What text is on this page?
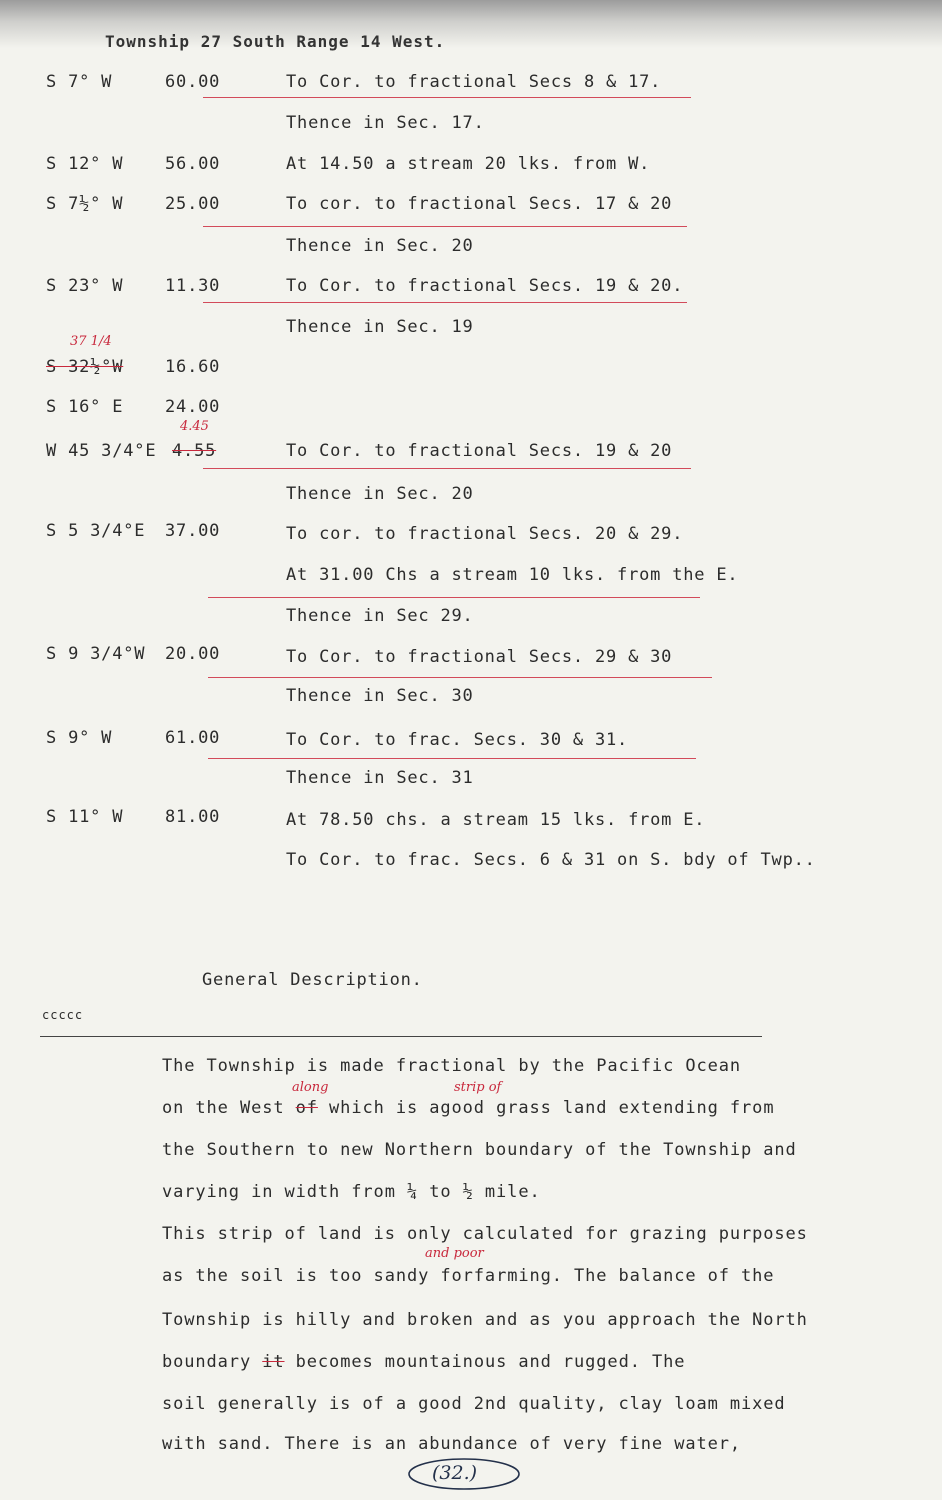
Township 27 South Range 14 West.
S 7° W	60.00	To Cor. to fractional Secs 8 & 17.
Thence in Sec. 17.
S 12° W 56.00	At 14.50 a stream 20 lks. from W.
S 7½° W 25.00	To cor. to fractional Secs. 17 & 20
Thence in Sec. 20
S 23° W 11.30	To Cor. to fractional Secs. 19 & 20.
Thence in Sec. 19
37 1/4
S 32½°W 16.60
S 16° E 24.00
4.45
W 45 3/4°E 4.55	To Cor. to fractional Secs. 19 & 20
Thence in Sec. 20
S 5 3/4°E 37.00	To cor. to fractional Secs. 20 & 29.
At 31.00 Chs a stream 10 lks. from the E.
Thence in Sec 29.
S 9 3/4°W 20.00	To Cor. to fractional Secs. 29 & 30
Thence in Sec. 30
S 9° W	61.00	To Cor. to frac. Secs. 30 & 31.
Thence in Sec. 31
S 11° W 81.00	At 78.50 chs. a stream 15 lks. from E.
To Cor. to frac. Secs. 6 & 31 on S. bdy of Twp..
General Description.
ccccc
The Township is made fractional by the Pacific Ocean
along	strip of
on the West of which is agood grass land extending from
the Southern to new Northern boundary of the Township and
varying in width from ¼ to ½ mile.
This strip of land is only calculated for grazing purposes
and poor
as the soil is too sandy forfarming. The balance of the
Township is hilly and broken and as you approach the North
boundary it becomes mountainous and rugged. The
soil generally is of a good 2nd quality, clay loam mixed
with sand. There is an abundance of very fine water,
(32.)
